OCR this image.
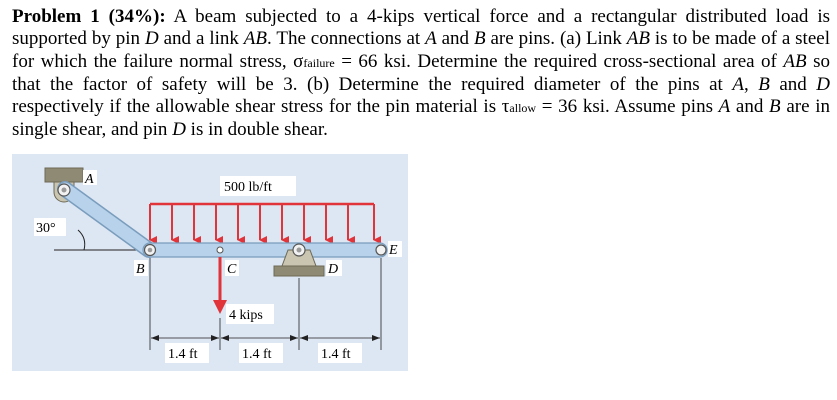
Problem 1 (34%): A beam subjected to a 4-kips vertical force and a rectangular distributed load is supported by pin D and a link AB. The connections at A and B are pins. (a) Link AB is to be made of a steel for which the failure normal stress, σfailure = 66 ksi. Determine the required cross-sectional area of AB so that the factor of safety will be 3. (b) Determine the required diameter of the pins at A, B and D respectively if the allowable shear stress for the pin material is τallow = 36 ksi. Assume pins A and B are in single shear, and pin D is in double shear.
A
30°
500 lb/ft
B	C	D
E
4 kips
1.4 ft	1.4 ft	1.4 ft
